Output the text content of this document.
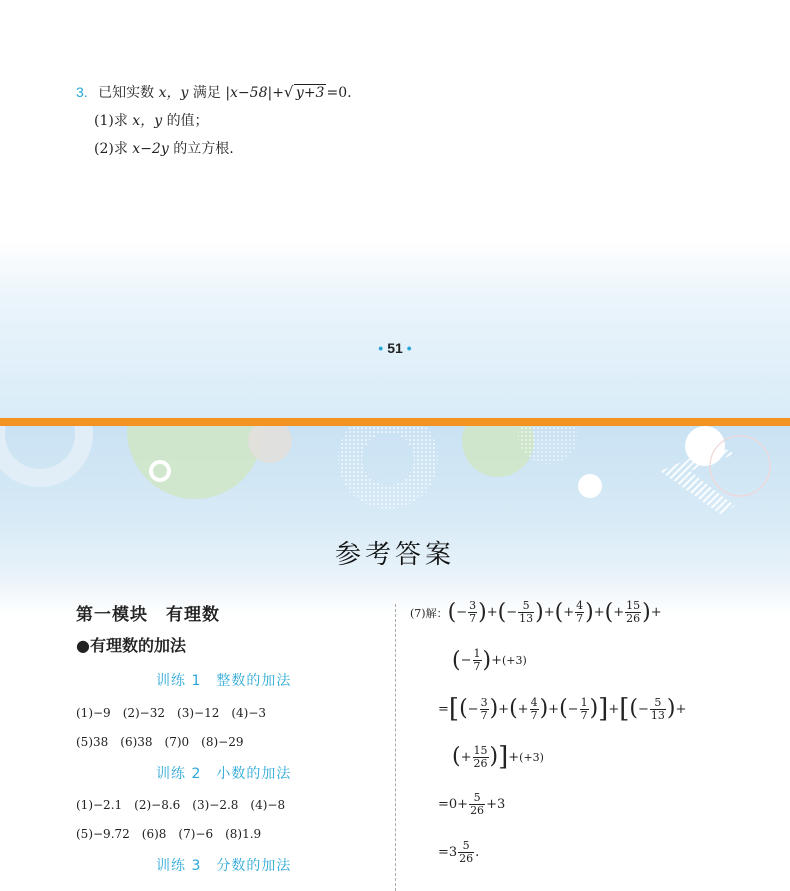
3. 已知实数 x，y 满足 |x−58|+√ y+3 =0.
(1)求 x，y 的值；
(2)求 x−2y 的立方根.
• 51 •
参考答案
第一模块　有理数
●有理数的加法
训练 1　整数的加法
(1)−9　(2)−32　(3)−12　(4)−3
(5)38　(6)38　(7)0　(8)−29
训练 2　小数的加法
(1)−2.1　(2)−8.6　(3)−2.8　(4)−8
(5)−9.72　(6)8　(7)−6　(8)1.9
训练 3　分数的加法
(7)解： ( − $\frac{3}{7}$ ) + ( − $\frac{5}{13}$ ) + ( + $\frac{4}{7}$ ) + ( + $\frac{15}{26}$ ) +
( − $\frac{1}{7}$ ) + (+3)
= [ ( − $\frac{3}{7}$ ) + ( + $\frac{4}{7}$ ) + ( − $\frac{1}{7}$ ) ] + [ ( − $\frac{5}{13}$ ) +
( + $\frac{15}{26}$ ) ] + (+3)
$=0+ \frac{5}{26} +3$
$=3 \frac{5}{26}$ .
